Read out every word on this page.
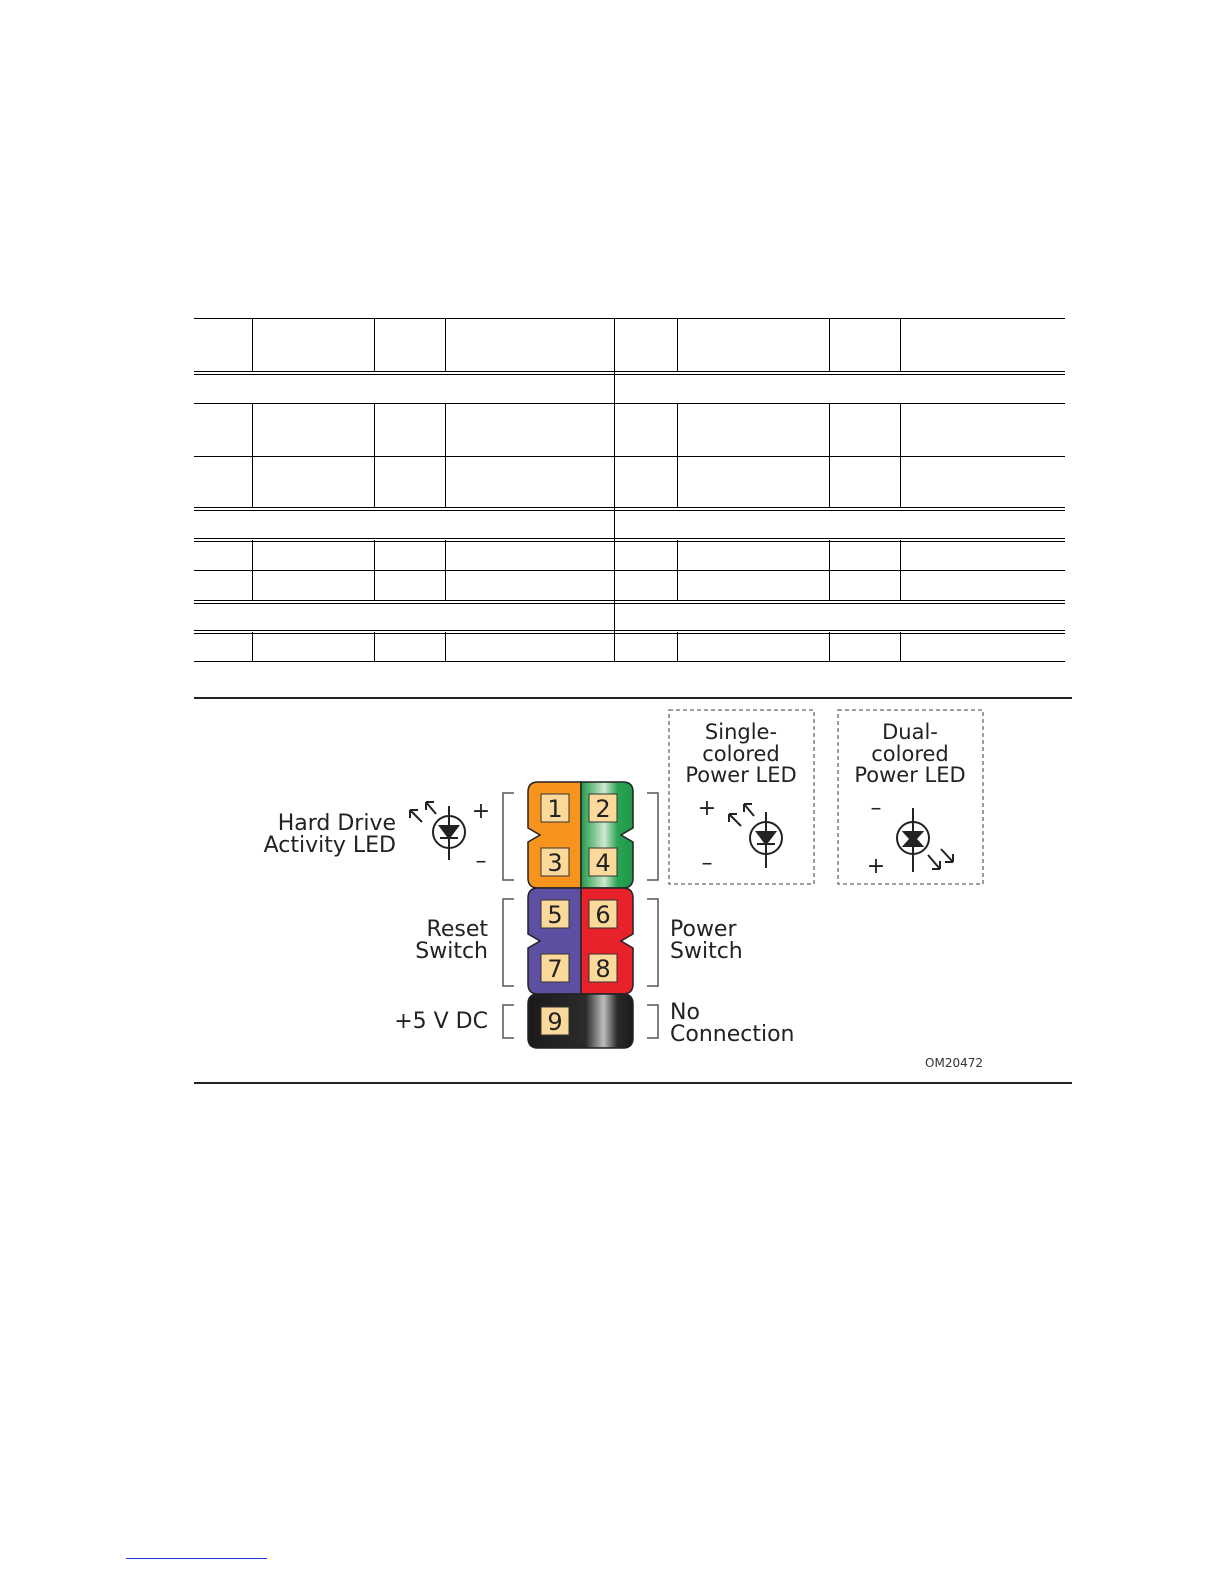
1 2
3 4
5 6
7 8
9
Hard Drive
Activity LED
Reset
Switch
Power
Switch
+5 V DC	No
Connection
+
–
Single-
colored
Power LED
+
–
Dual-
colored
Power LED
–
+
OM20472
